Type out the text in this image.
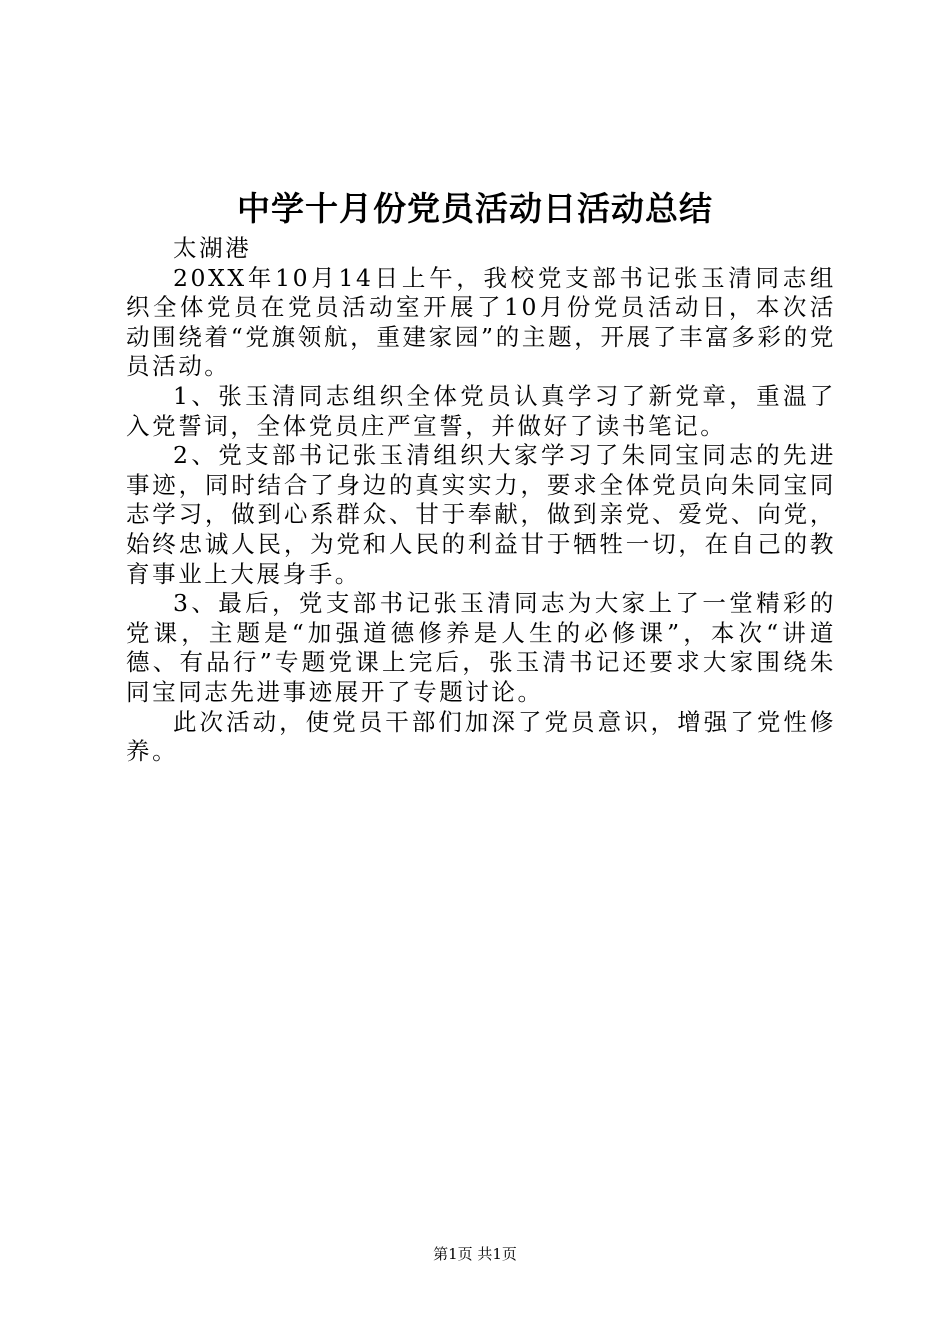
中学十月份党员活动日活动总结

太湖港

20XX年10月14日上午，我校党支部书记张玉清同志组织全体党员在党员活动室开展了10月份党员活动日，本次活动围绕着“党旗领航，重建家园”的主题，开展了丰富多彩的党员活动。

1、张玉清同志组织全体党员认真学习了新党章，重温了入党誓词，全体党员庄严宣誓，并做好了读书笔记。

2、党支部书记张玉清组织大家学习了朱同宝同志的先进事迹，同时结合了身边的真实实力，要求全体党员向朱同宝同志学习，做到心系群众、甘于奉献，做到亲党、爱党、向党，始终忠诚人民，为党和人民的利益甘于牺牲一切，在自己的教育事业上大展身手。

3、最后，党支部书记张玉清同志为大家上了一堂精彩的党课，主题是“加强道德修养是人生的必修课”，本次“讲道德、有品行”专题党课上完后，张玉清书记还要求大家围绕朱同宝同志先进事迹展开了专题讨论。

此次活动，使党员干部们加深了党员意识，增强了党性修养。

第1页 共1页
